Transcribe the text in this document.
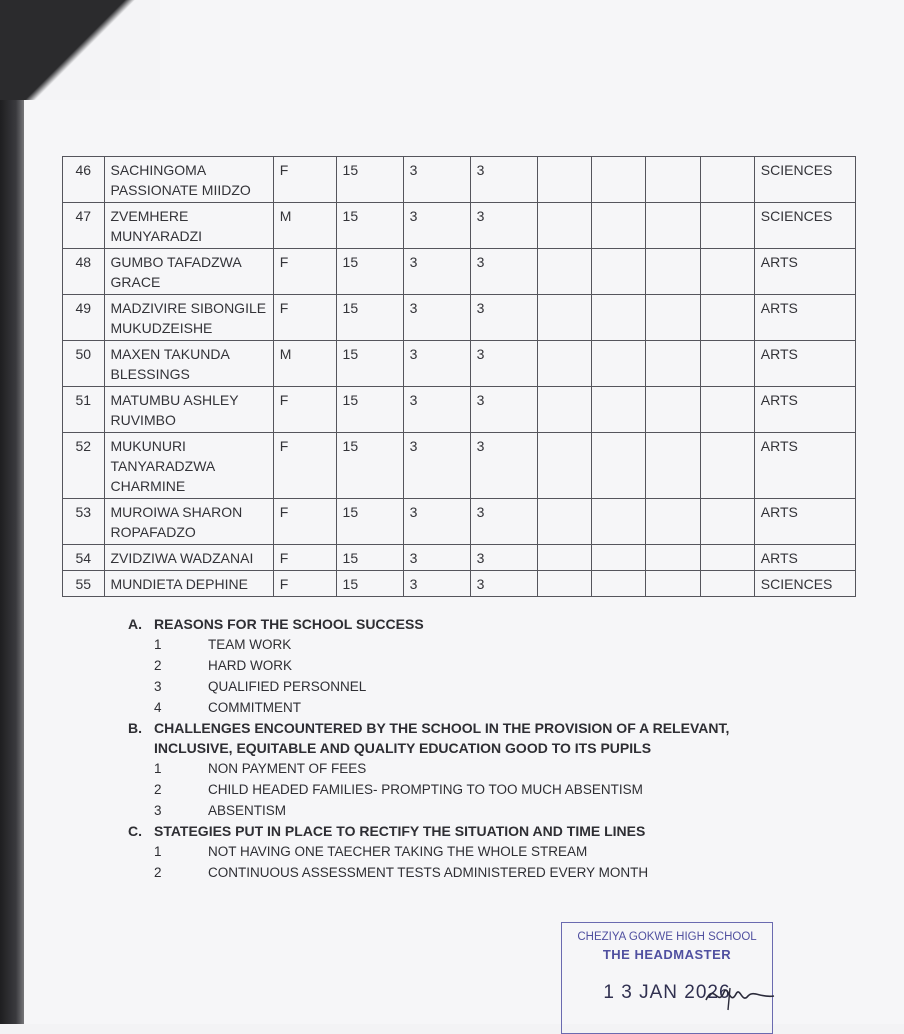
46	SACHINGOMA PASSIONATE MIIDZO	F	15	3	3					SCIENCES
47	ZVEMHERE MUNYARADZI	M	15	3	3					SCIENCES
48	GUMBO TAFADZWA GRACE	F	15	3	3					ARTS
49	MADZIVIRE SIBONGILE MUKUDZEISHE	F	15	3	3					ARTS
50	MAXEN TAKUNDA BLESSINGS	M	15	3	3					ARTS
51	MATUMBU ASHLEY RUVIMBO	F	15	3	3					ARTS
52	MUKUNURI TANYARADZWA CHARMINE	F	15	3	3					ARTS
53	MUROIWA SHARON ROPAFADZO	F	15	3	3					ARTS
54	ZVIDZIWA WADZANAI	F	15	3	3					ARTS
55	MUNDIETA DEPHINE	F	15	3	3					SCIENCES
A. REASONS FOR THE SCHOOL SUCCESS
1	TEAM WORK
2	HARD WORK
3	QUALIFIED PERSONNEL
4	COMMITMENT
B. CHALLENGES ENCOUNTERED BY THE SCHOOL IN THE PROVISION OF A RELEVANT, INCLUSIVE, EQUITABLE AND QUALITY EDUCATION GOOD TO ITS PUPILS
1	NON PAYMENT OF FEES
2	CHILD HEADED FAMILIES- PROMPTING TO TOO MUCH ABSENTISM
3	ABSENTISM
C. STATEGIES PUT IN PLACE TO RECTIFY THE SITUATION AND TIME LINES
1	NOT HAVING ONE TAECHER TAKING THE WHOLE STREAM
2	CONTINUOUS ASSESSMENT TESTS ADMINISTERED EVERY MONTH
CHEZIYA GOKWE HIGH SCHOOL
THE HEADMASTER
1 3 JAN 2026
